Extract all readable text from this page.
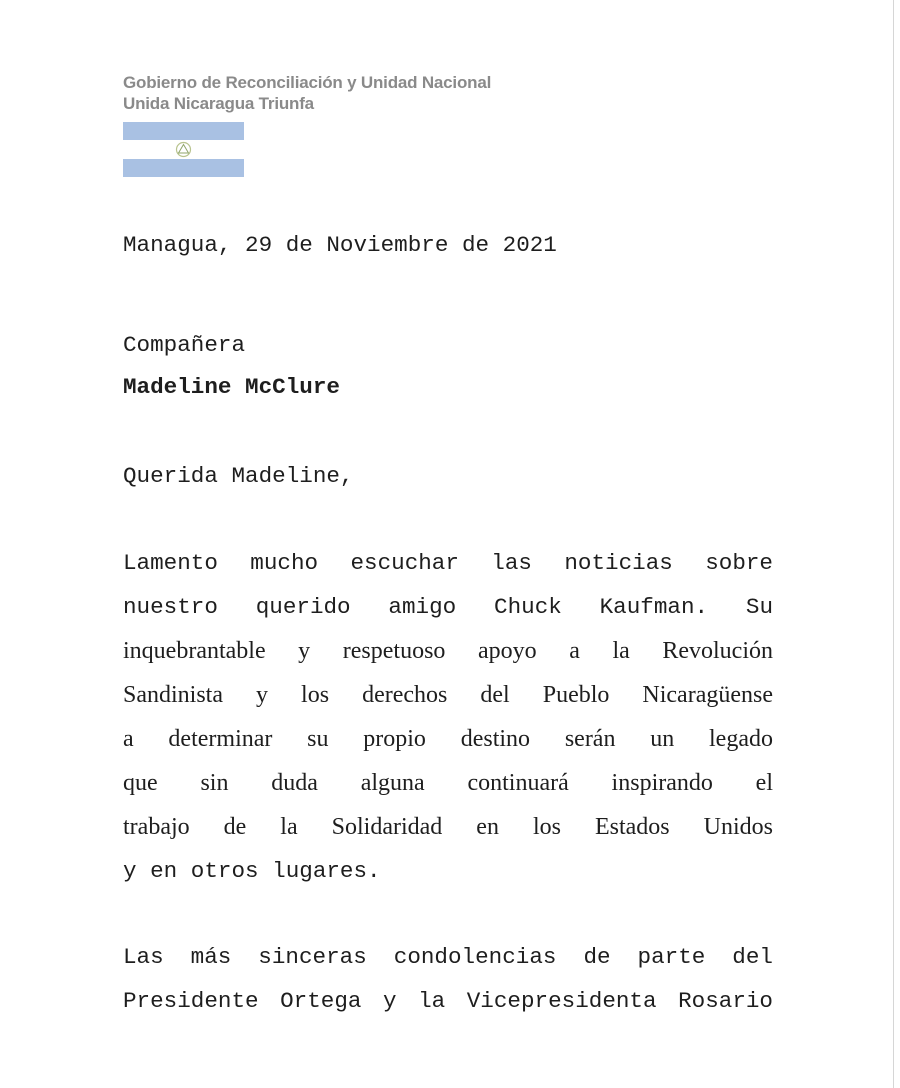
Gobierno de Reconciliación y Unidad Nacional
Unida Nicaragua Triunfa
Managua, 29 de Noviembre de 2021
Compañera
Madeline McClure
Querida Madeline,
Lamento mucho escuchar las noticias sobre
nuestro querido amigo Chuck Kaufman. Su
inquebrantable y respetuoso apoyo a la Revolución
Sandinista y los derechos del Pueblo Nicaragüense
a determinar su propio destino serán un legado
que sin duda alguna continuará inspirando el
trabajo de la Solidaridad en los Estados Unidos
y en otros lugares.
Las más sinceras condolencias de parte del
Presidente Ortega y la Vicepresidenta Rosario
